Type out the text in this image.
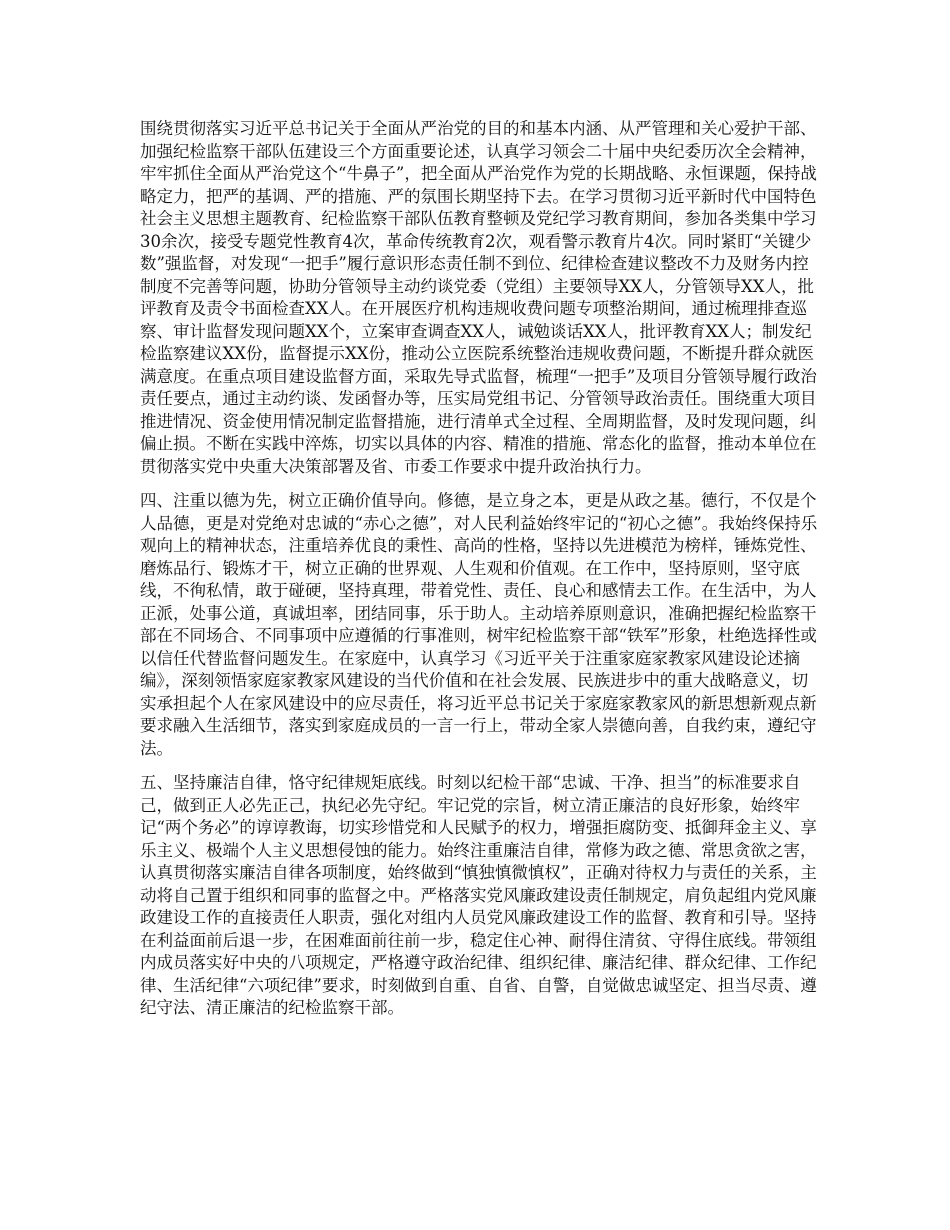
围绕贯彻落实习近平总书记关于全面从严治党的目的和基本内涵、从严管理和关心爱护干部、加强纪检监察干部队伍建设三个方面重要论述，认真学习领会二十届中央纪委历次全会精神，牢牢抓住全面从严治党这个“牛鼻子”，把全面从严治党作为党的长期战略、永恒课题，保持战略定力，把严的基调、严的措施、严的氛围长期坚持下去。在学习贯彻习近平新时代中国特色社会主义思想主题教育、纪检监察干部队伍教育整顿及党纪学习教育期间，参加各类集中学习30余次，接受专题党性教育4次，革命传统教育2次，观看警示教育片4次。同时紧盯“关键少数”强监督，对发现“一把手”履行意识形态责任制不到位、纪律检查建议整改不力及财务内控制度不完善等问题，协助分管领导主动约谈党委（党组）主要领导XX人，分管领导XX人，批评教育及责令书面检查XX人。在开展医疗机构违规收费问题专项整治期间，通过梳理排查巡察、审计监督发现问题XX个，立案审查调查XX人，诫勉谈话XX人，批评教育XX人；制发纪检监察建议XX份，监督提示XX份，推动公立医院系统整治违规收费问题，不断提升群众就医满意度。在重点项目建设监督方面，采取先导式监督，梳理“一把手”及项目分管领导履行政治责任要点，通过主动约谈、发函督办等，压实局党组书记、分管领导政治责任。围绕重大项目推进情况、资金使用情况制定监督措施，进行清单式全过程、全周期监督，及时发现问题，纠偏止损。不断在实践中淬炼，切实以具体的内容、精准的措施、常态化的监督，推动本单位在贯彻落实党中央重大决策部署及省、市委工作要求中提升政治执行力。

四、注重以德为先，树立正确价值导向。修德，是立身之本，更是从政之基。德行，不仅是个人品德，更是对党绝对忠诚的“赤心之德”，对人民利益始终牢记的“初心之德”。我始终保持乐观向上的精神状态，注重培养优良的秉性、高尚的性格，坚持以先进模范为榜样，锤炼党性、磨炼品行、锻炼才干，树立正确的世界观、人生观和价值观。在工作中，坚持原则，坚守底线，不徇私情，敢于碰硬，坚持真理，带着党性、责任、良心和感情去工作。在生活中，为人正派，处事公道，真诚坦率，团结同事，乐于助人。主动培养原则意识，准确把握纪检监察干部在不同场合、不同事项中应遵循的行事准则，树牢纪检监察干部“铁军”形象，杜绝选择性或以信任代替监督问题发生。在家庭中，认真学习《习近平关于注重家庭家教家风建设论述摘编》，深刻领悟家庭家教家风建设的当代价值和在社会发展、民族进步中的重大战略意义，切实承担起个人在家风建设中的应尽责任，将习近平总书记关于家庭家教家风的新思想新观点新要求融入生活细节，落实到家庭成员的一言一行上，带动全家人崇德向善，自我约束，遵纪守法。

五、坚持廉洁自律，恪守纪律规矩底线。时刻以纪检干部“忠诚、干净、担当”的标准要求自己，做到正人必先正己，执纪必先守纪。牢记党的宗旨，树立清正廉洁的良好形象，始终牢记“两个务必”的谆谆教诲，切实珍惜党和人民赋予的权力，增强拒腐防变、抵御拜金主义、享乐主义、极端个人主义思想侵蚀的能力。始终注重廉洁自律，常修为政之德、常思贪欲之害，认真贯彻落实廉洁自律各项制度，始终做到“慎独慎微慎权”，正确对待权力与责任的关系，主动将自己置于组织和同事的监督之中。严格落实党风廉政建设责任制规定，肩负起组内党风廉政建设工作的直接责任人职责，强化对组内人员党风廉政建设工作的监督、教育和引导。坚持在利益面前后退一步，在困难面前往前一步，稳定住心神、耐得住清贫、守得住底线。带领组内成员落实好中央的八项规定，严格遵守政治纪律、组织纪律、廉洁纪律、群众纪律、工作纪律、生活纪律“六项纪律”要求，时刻做到自重、自省、自警，自觉做忠诚坚定、担当尽责、遵纪守法、清正廉洁的纪检监察干部。
